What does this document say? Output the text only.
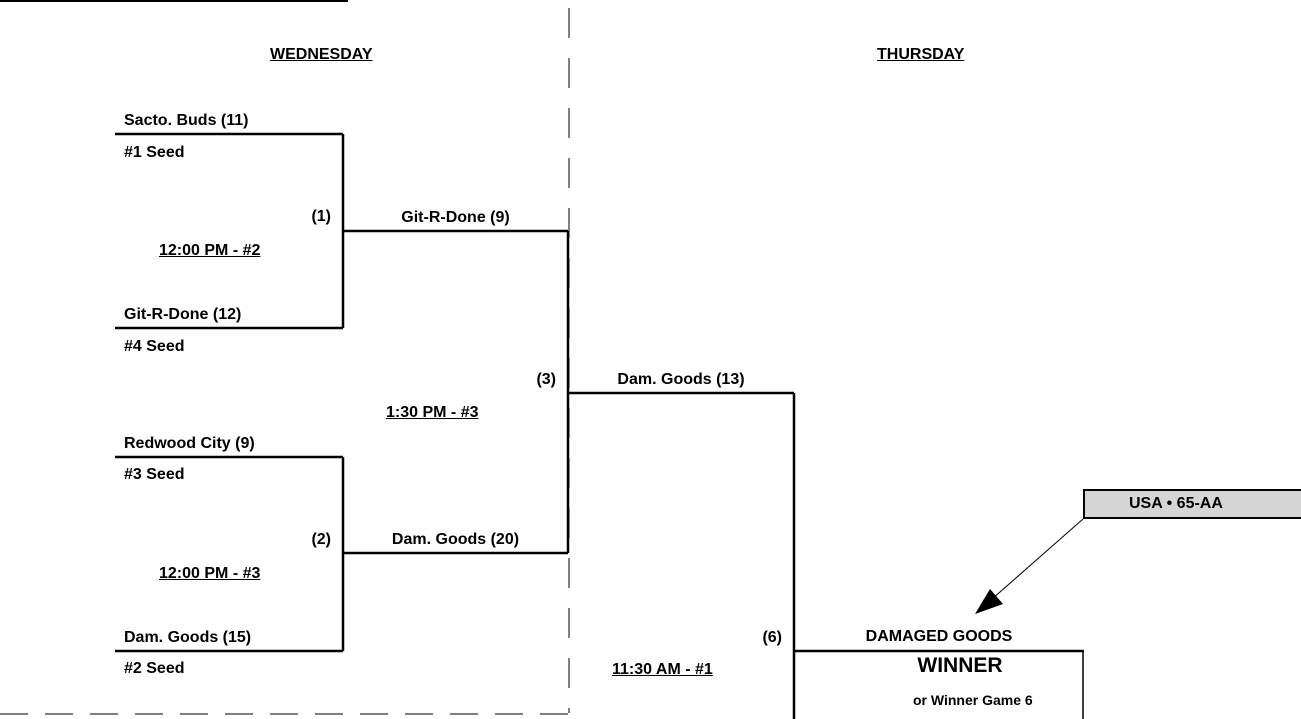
WEDNESDAY	THURSDAY
Sacto. Buds (11)
#1 Seed
(1)
12:00 PM - #2
Git-R-Done (12)
#4 Seed
Redwood City (9)
#3 Seed
(2)
12:00 PM - #3
Dam. Goods (15)
#2 Seed
Git-R-Done (9)
Dam. Goods (20)
(3)
1:30 PM - #3
Dam. Goods (13)
(6)
11:30 AM - #1
DAMAGED GOODS
WINNER
or Winner Game 6
USA • 65-AA
